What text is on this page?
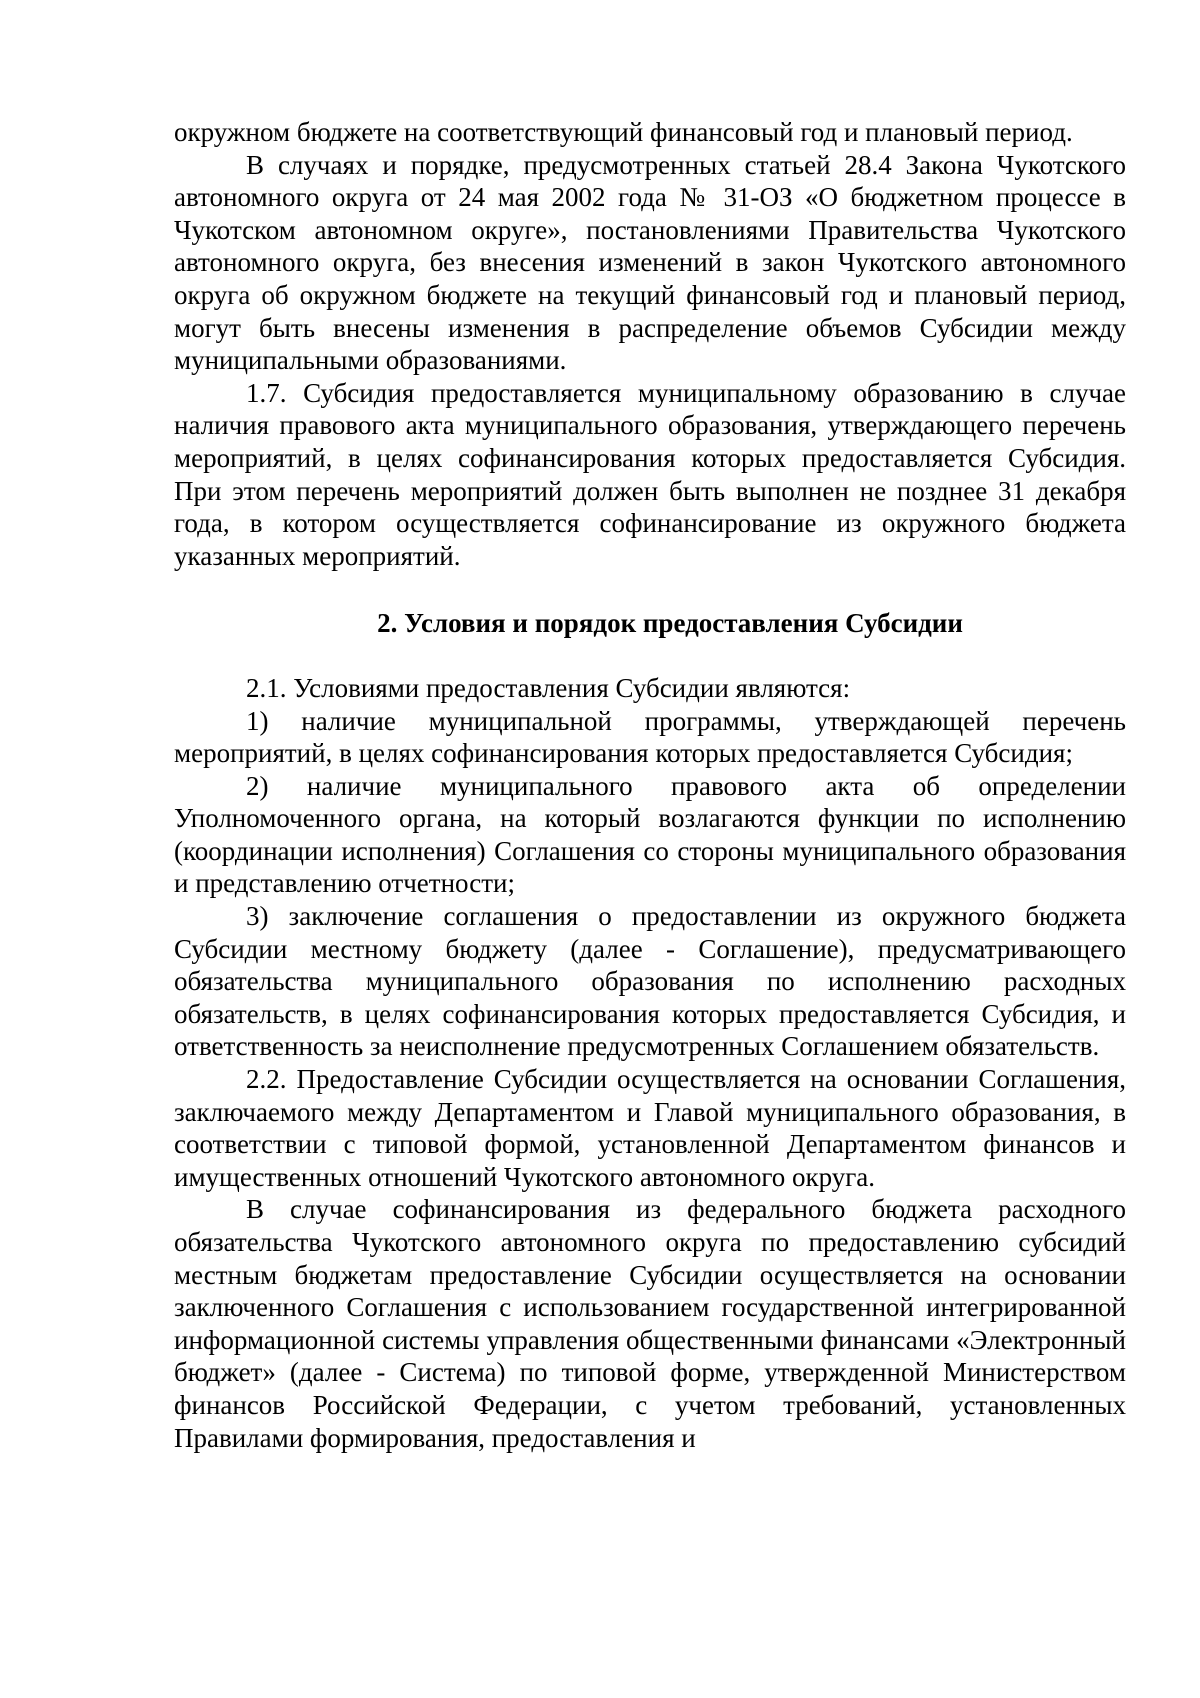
окружном бюджете на соответствующий финансовый год и плановый период.

В случаях и порядке, предусмотренных статьей 28.4 Закона Чукотского автономного округа от 24 мая 2002 года № 31-ОЗ «О бюджетном процессе в Чукотском автономном округе», постановлениями Правительства Чукотского автономного округа, без внесения изменений в закон Чукотского автономного округа об окружном бюджете на текущий финансовый год и плановый период, могут быть внесены изменения в распределение объемов Субсидии между муниципальными образованиями.

1.7. Субсидия предоставляется муниципальному образованию в случае наличия правового акта муниципального образования, утверждающего перечень мероприятий, в целях софинансирования которых предоставляется Субсидия. При этом перечень мероприятий должен быть выполнен не позднее 31 декабря года, в котором осуществляется софинансирование из окружного бюджета указанных мероприятий.

2. Условия и порядок предоставления Субсидии

2.1. Условиями предоставления Субсидии являются:

1) наличие муниципальной программы, утверждающей перечень мероприятий, в целях софинансирования которых предоставляется Субсидия;

2) наличие муниципального правового акта об определении Уполномоченного органа, на который возлагаются функции по исполнению (координации исполнения) Соглашения со стороны муниципального образования и представлению отчетности;

3) заключение соглашения о предоставлении из окружного бюджета Субсидии местному бюджету (далее - Соглашение), предусматривающего обязательства муниципального образования по исполнению расходных обязательств, в целях софинансирования которых предоставляется Субсидия, и ответственность за неисполнение предусмотренных Соглашением обязательств.

2.2. Предоставление Субсидии осуществляется на основании Соглашения, заключаемого между Департаментом и Главой муниципального образования, в соответствии с типовой формой, установленной Департаментом финансов и имущественных отношений Чукотского автономного округа.

В случае софинансирования из федерального бюджета расходного обязательства Чукотского автономного округа по предоставлению субсидий местным бюджетам предоставление Субсидии осуществляется на основании заключенного Соглашения с использованием государственной интегрированной информационной системы управления общественными финансами «Электронный бюджет» (далее - Система) по типовой форме, утвержденной Министерством финансов Российской Федерации, с учетом требований, установленных Правилами формирования, предоставления и
